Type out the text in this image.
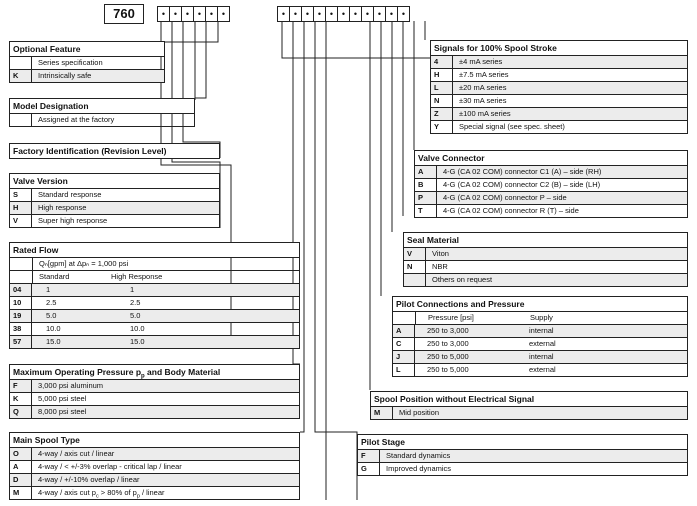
760	• • • • • •	• • • • • • • • • • •
Optional Feature
Series specification
K	Intrinsically safe
Model Designation
Assigned at the factory
Factory Identification (Revision Level)
Valve Version
S	Standard response
H	High response
V	Super high response
Rated Flow
Qₙ[gpm] at Δpₙ = 1,000 psi
Standard	High Response
04	1	1
10	2.5	2.5
19	5.0	5.0
38	10.0	10.0
57	15.0	15.0
Maximum Operating Pressure $p_p$ and Body Material
F	3,000 psi aluminum
K	5,000 psi steel
Q	8,000 psi steel
Main Spool Type
O	4-way / axis cut / linear
A	4-way / < +/-3% overlap - critical lap / linear
D	4-way / +/-10% overlap / linear
M	4-way / axis cut $p_c > 80\%$ of $p_p$ / linear
Signals for 100% Spool Stroke
4	±4 mA series
H	±7.5 mA series
L	±20 mA series
N	±30 mA series
Z	±100 mA series
Y	Special signal (see spec. sheet)
Valve Connector
A	4-G (CA 02 COM) connector C1 (A) – side (RH)
B	4-G (CA 02 COM) connector C2 (B) – side (LH)
P	4-G (CA 02 COM) connector P – side
T	4-G (CA 02 COM) connector R (T) – side
Seal Material
V	Viton
N	NBR
Others on request
Pilot Connections and Pressure
Pressure [psi]	Supply
A	250 to 3,000	internal
C	250 to 3,000	external
J	250 to 5,000	internal
L	250 to 5,000	external
Spool Position without Electrical Signal
M	Mid position
Pilot Stage
F	Standard dynamics
G	Improved dynamics
